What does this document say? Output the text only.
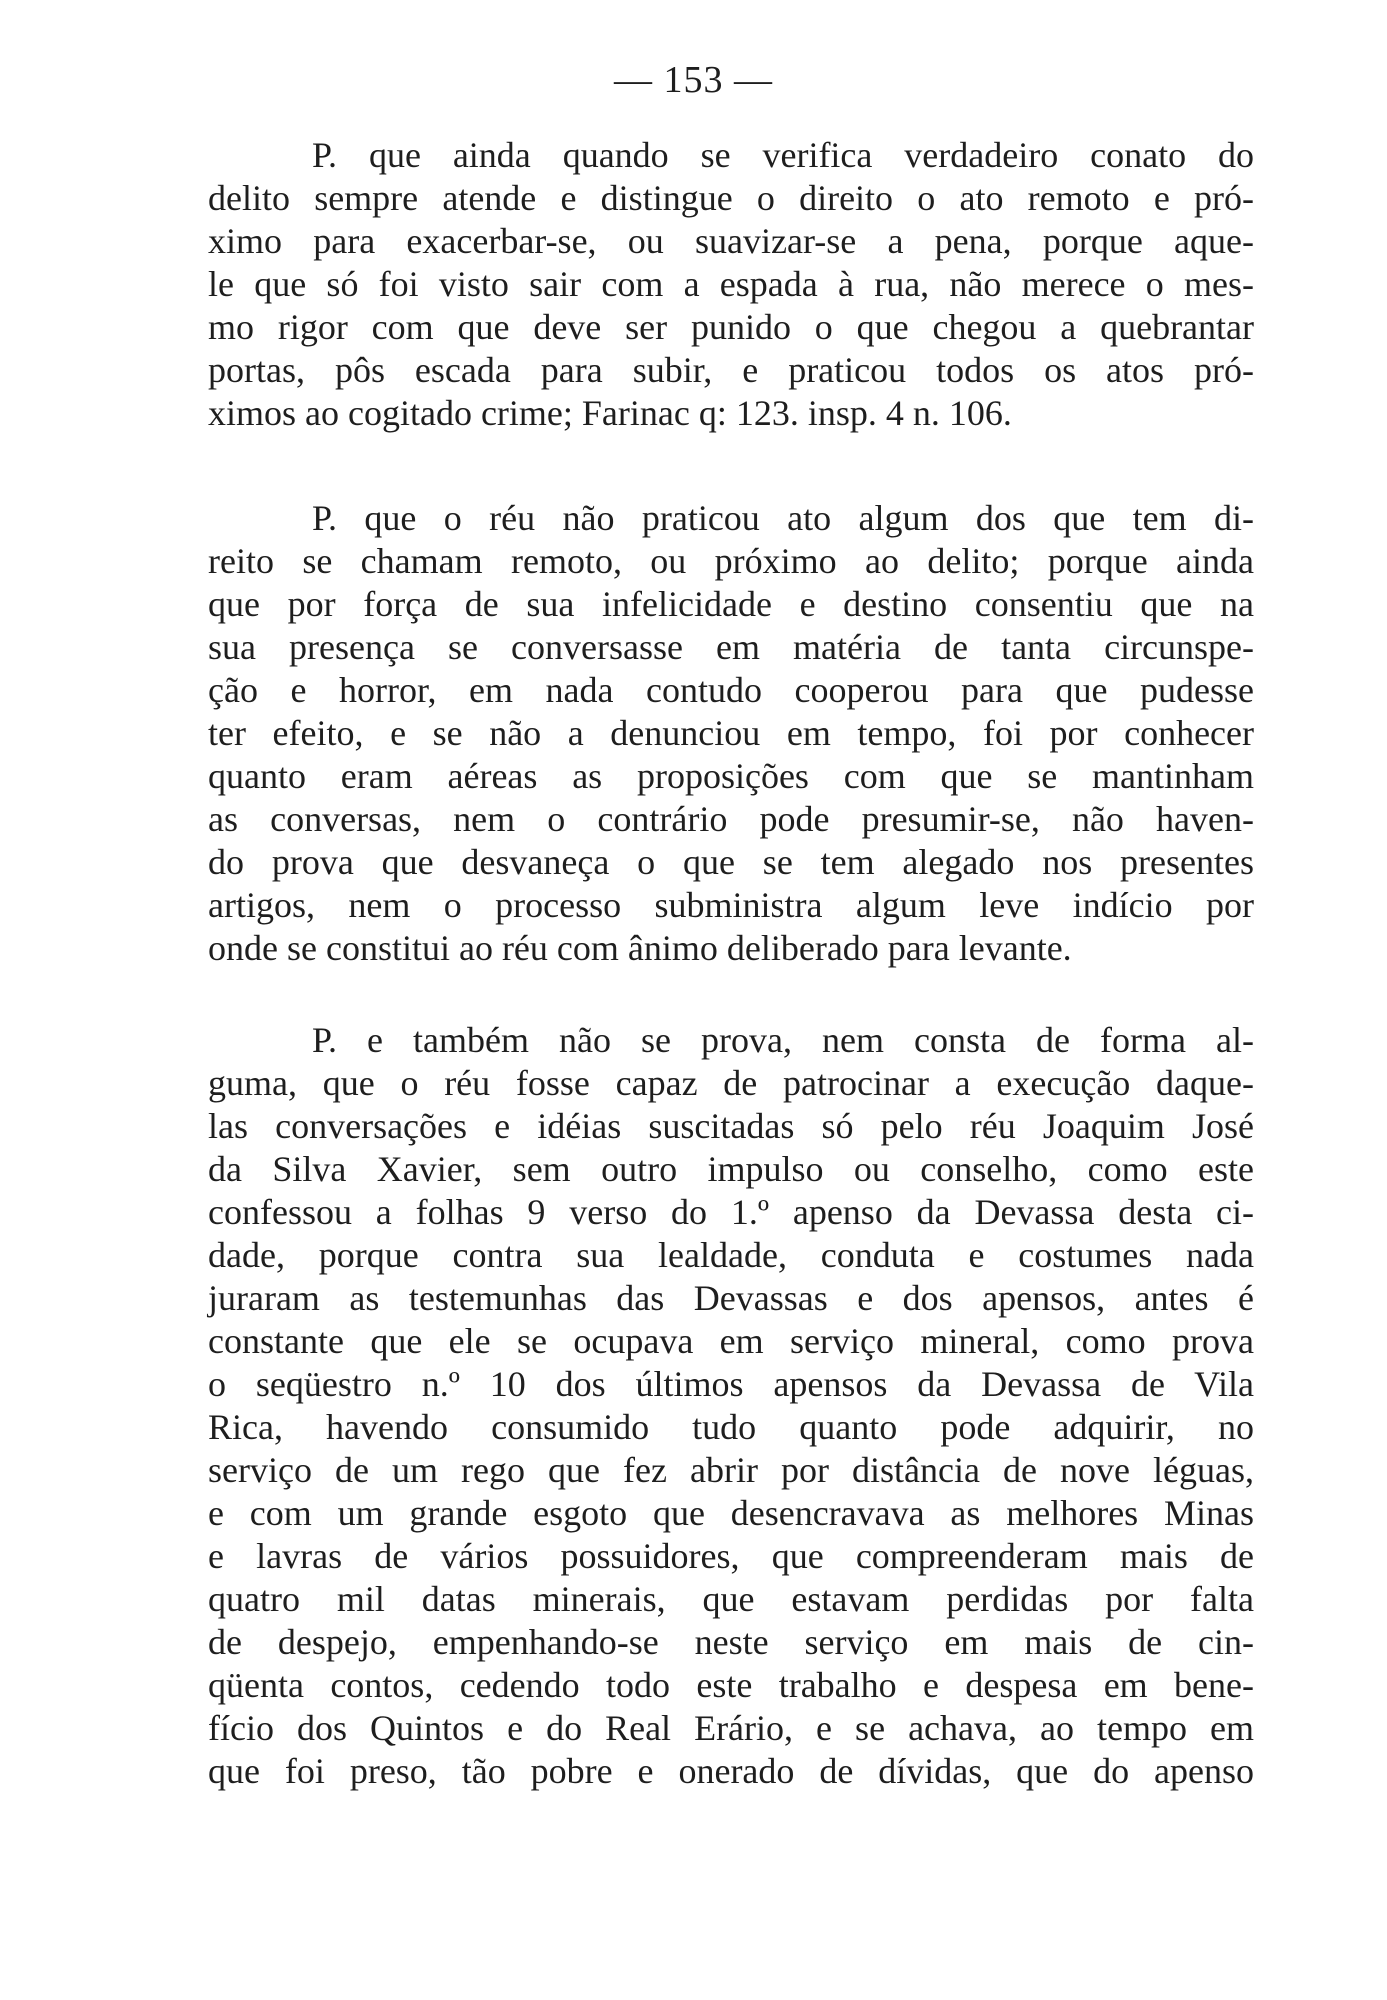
— 153 —
P. que ainda quando se verifica verdadeiro conato do
delito sempre atende e distingue o direito o ato remoto e pró-
ximo para exacerbar-se, ou suavizar-se a pena, porque aque-
le que só foi visto sair com a espada à rua, não merece o mes-
mo rigor com que deve ser punido o que chegou a quebrantar
portas, pôs escada para subir, e praticou todos os atos pró-
ximos ao cogitado crime; Farinac q: 123. insp. 4 n. 106.
P. que o réu não praticou ato algum dos que tem di-
reito se chamam remoto, ou próximo ao delito; porque ainda
que por força de sua infelicidade e destino consentiu que na
sua presença se conversasse em matéria de tanta circunspe-
ção e horror, em nada contudo cooperou para que pudesse
ter efeito, e se não a denunciou em tempo, foi por conhecer
quanto eram aéreas as proposições com que se mantinham
as conversas, nem o contrário pode presumir-se, não haven-
do prova que desvaneça o que se tem alegado nos presentes
artigos, nem o processo subministra algum leve indício por
onde se constitui ao réu com ânimo deliberado para levante.
P. e também não se prova, nem consta de forma al-
guma, que o réu fosse capaz de patrocinar a execução daque-
las conversações e idéias suscitadas só pelo réu Joaquim José
da Silva Xavier, sem outro impulso ou conselho, como este
confessou a folhas 9 verso do 1.º apenso da Devassa desta ci-
dade, porque contra sua lealdade, conduta e costumes nada
juraram as testemunhas das Devassas e dos apensos, antes é
constante que ele se ocupava em serviço mineral, como prova
o seqüestro n.º 10 dos últimos apensos da Devassa de Vila
Rica, havendo consumido tudo quanto pode adquirir, no
serviço de um rego que fez abrir por distância de nove léguas,
e com um grande esgoto que desencravava as melhores Minas
e lavras de vários possuidores, que compreenderam mais de
quatro mil datas minerais, que estavam perdidas por falta
de despejo, empenhando-se neste serviço em mais de cin-
qüenta contos, cedendo todo este trabalho e despesa em bene-
fício dos Quintos e do Real Erário, e se achava, ao tempo em
que foi preso, tão pobre e onerado de dívidas, que do apenso
